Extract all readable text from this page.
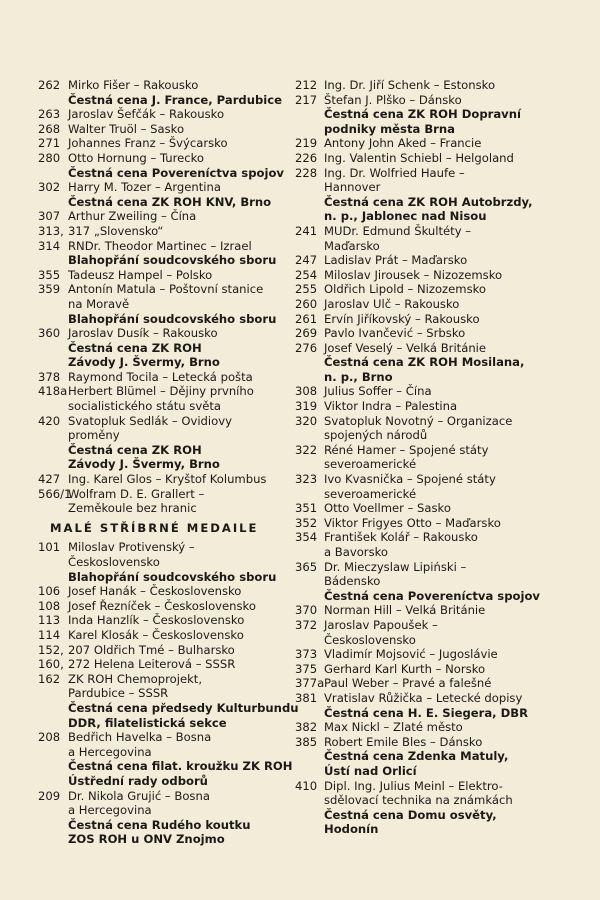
262 Mirko Fišer – Rakousko
Čestná cena J. France, Pardubice
263 Jaroslav Šefčák – Rakousko
268 Walter Truöl – Sasko
271 Johannes Franz – Švýcarsko
280 Otto Hornung – Turecko
Čestná cena Povereníctva spojov
302 Harry M. Tozer – Argentina
Čestná cena ZK ROH KNV, Brno
307 Arthur Zweiling – Čína
313, 317 „Slovensko“
314 RNDr. Theodor Martinec – Izrael
Blahopřání soudcovského sboru
355 Tadeusz Hampel – Polsko
359 Antonín Matula – Poštovní stanice
na Moravě
Blahopřání soudcovského sboru
360 Jaroslav Dusík – Rakousko
Čestná cena ZK ROH
Závody J. Švermy, Brno
378 Raymond Tocila – Letecká pošta
418a Herbert Blümel – Dějiny prvního
socialistického státu světa
420 Svatopluk Sedlák – Ovidiovy
proměny
Čestná cena ZK ROH
Závody J. Švermy, Brno
427 Ing. Karel Glos – Kryštof Kolumbus
566/1
Wolfram D. E. Grallert –
Zeměkoule bez hranic
MALÉ STŘÍBRNÉ MEDAILE
101 Miloslav Protivenský –
Československo
Blahopřání soudcovského sboru
106 Josef Hanák – Československo
108 Josef Řezníček – Československo
113 Inda Hanzlík – Československo
114 Karel Klosák – Československo
152, 207 Oldřich Tmé – Bulharsko
160, 272 Helena Leiterová – SSSR
162 ZK ROH Chemoprojekt,
Pardubice – SSSR
Čestná cena předsedy Kulturbundu
DDR, filatelistická sekce
208 Bedřich Havelka – Bosna
a Hercegovina
Čestná cena filat. kroužku ZK ROH
Ústřední rady odborů
209 Dr. Nikola Grujić – Bosna
a Hercegovina
Čestná cena Rudého koutku
ZOS ROH u ONV Znojmo
212 Ing. Dr. Jiří Schenk – Estonsko
217 Štefan J. Plško – Dánsko
Čestná cena ZK ROH Dopravní
podniky města Brna
219 Antony John Aked – Francie
226 Ing. Valentin Schiebl – Helgoland
228 Ing. Dr. Wolfried Haufe –
Hannover
Čestná cena ZK ROH Autobrzdy,
n. p., Jablonec nad Nisou
241 MUDr. Edmund Škultéty –
Maďarsko
247 Ladislav Prát – Maďarsko
254 Miloslav Jirousek – Nizozemsko
255 Oldřich Lipold – Nizozemsko
260 Jaroslav Ulč – Rakousko
261 Ervín Jiříkovský – Rakousko
269 Pavlo Ivančević – Srbsko
276 Josef Veselý – Velká Británie
Čestná cena ZK ROH Mosilana,
n. p., Brno
308 Julius Soffer – Čína
319 Viktor Indra – Palestina
320 Svatopluk Novotný – Organizace
spojených národů
322 Réné Hamer – Spojené státy
severoamerické
323 Ivo Kvasnička – Spojené státy
severoamerické
351 Otto Voellmer – Sasko
352 Viktor Frigyes Otto – Maďarsko
354 František Kolář – Rakousko
a Bavorsko
365 Dr. Mieczyslaw Lipiński –
Bádensko
Čestná cena Povereníctva spojov
370 Norman Hill – Velká Británie
372 Jaroslav Papoušek –
Československo
373 Vladimír Mojsović – Jugoslávie
375 Gerhard Karl Kurth – Norsko
377a Paul Weber – Pravé a falešné
381 Vratislav Růžička – Letecké dopisy
Čestná cena H. E. Siegera, DBR
382 Max Nickl – Zlaté město
385 Robert Emile Bles – Dánsko
Čestná cena Zdenka Matuly,
Ústí nad Orlicí
410 Dipl. Ing. Julius Meinl – Elektro-
sdělovací technika na známkách
Čestná cena Domu osvěty,
Hodonín
